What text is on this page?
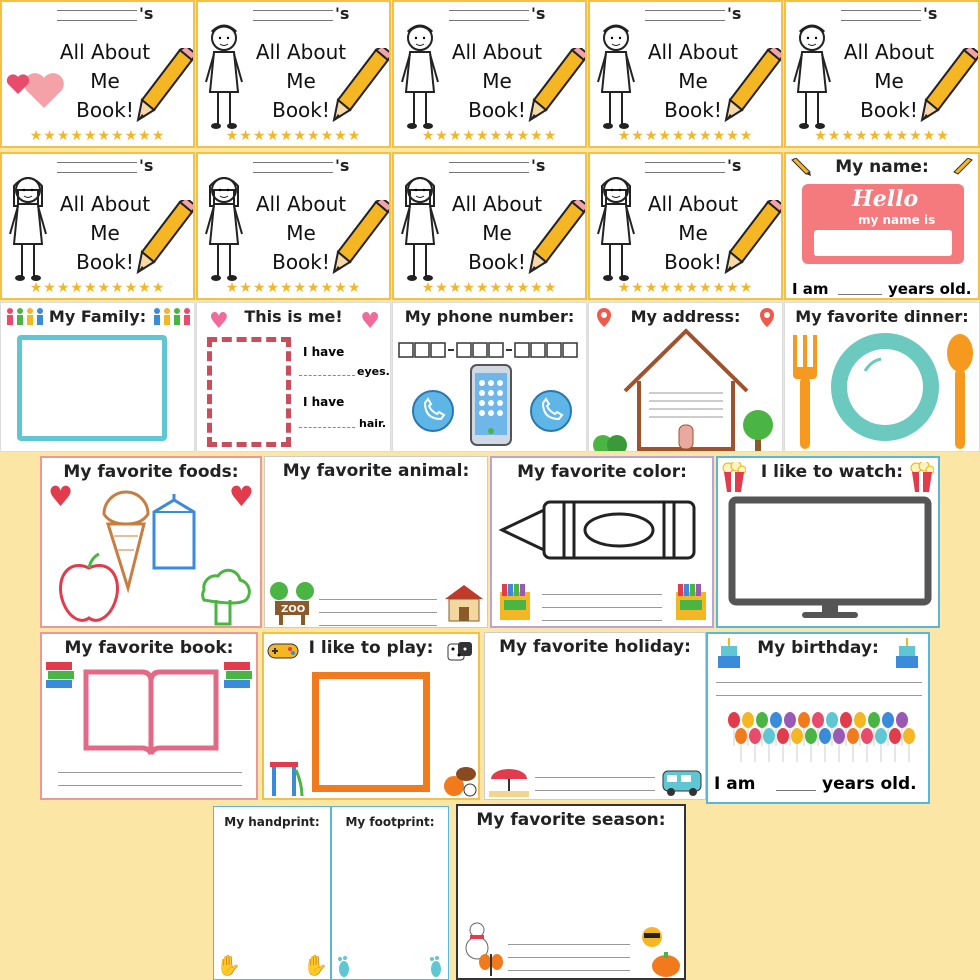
's
All About
Me
Book!
★★★★★★★★★★
's
All About
Me
Book!
★★★★★★★★★★
's
All About
Me
Book!
★★★★★★★★★★
's
All About
Me
Book!
★★★★★★★★★★
's
All About
Me
Book!
★★★★★★★★★★
's
All About
Me
Book!
★★★★★★★★★★
's
All About
Me
Book!
★★★★★★★★★★
's
All About
Me
Book!
★★★★★★★★★★
's
All About
Me
Book!
★★★★★★★★★★
My name:
Hello
my name is
I am	years old.
My Family:	This is me!
♥	♥
I have
eyes.
I have
hair.
My phone number:	My address:	My favorite dinner:
My favorite foods:
♥	♥
My favorite animal:
ZOO
My favorite color:	I like to watch:
My favorite book:	I like to play:	My favorite holiday:	My birthday:
I am	years old.
My handprint:
✋	✋
My footprint:	My favorite season:
